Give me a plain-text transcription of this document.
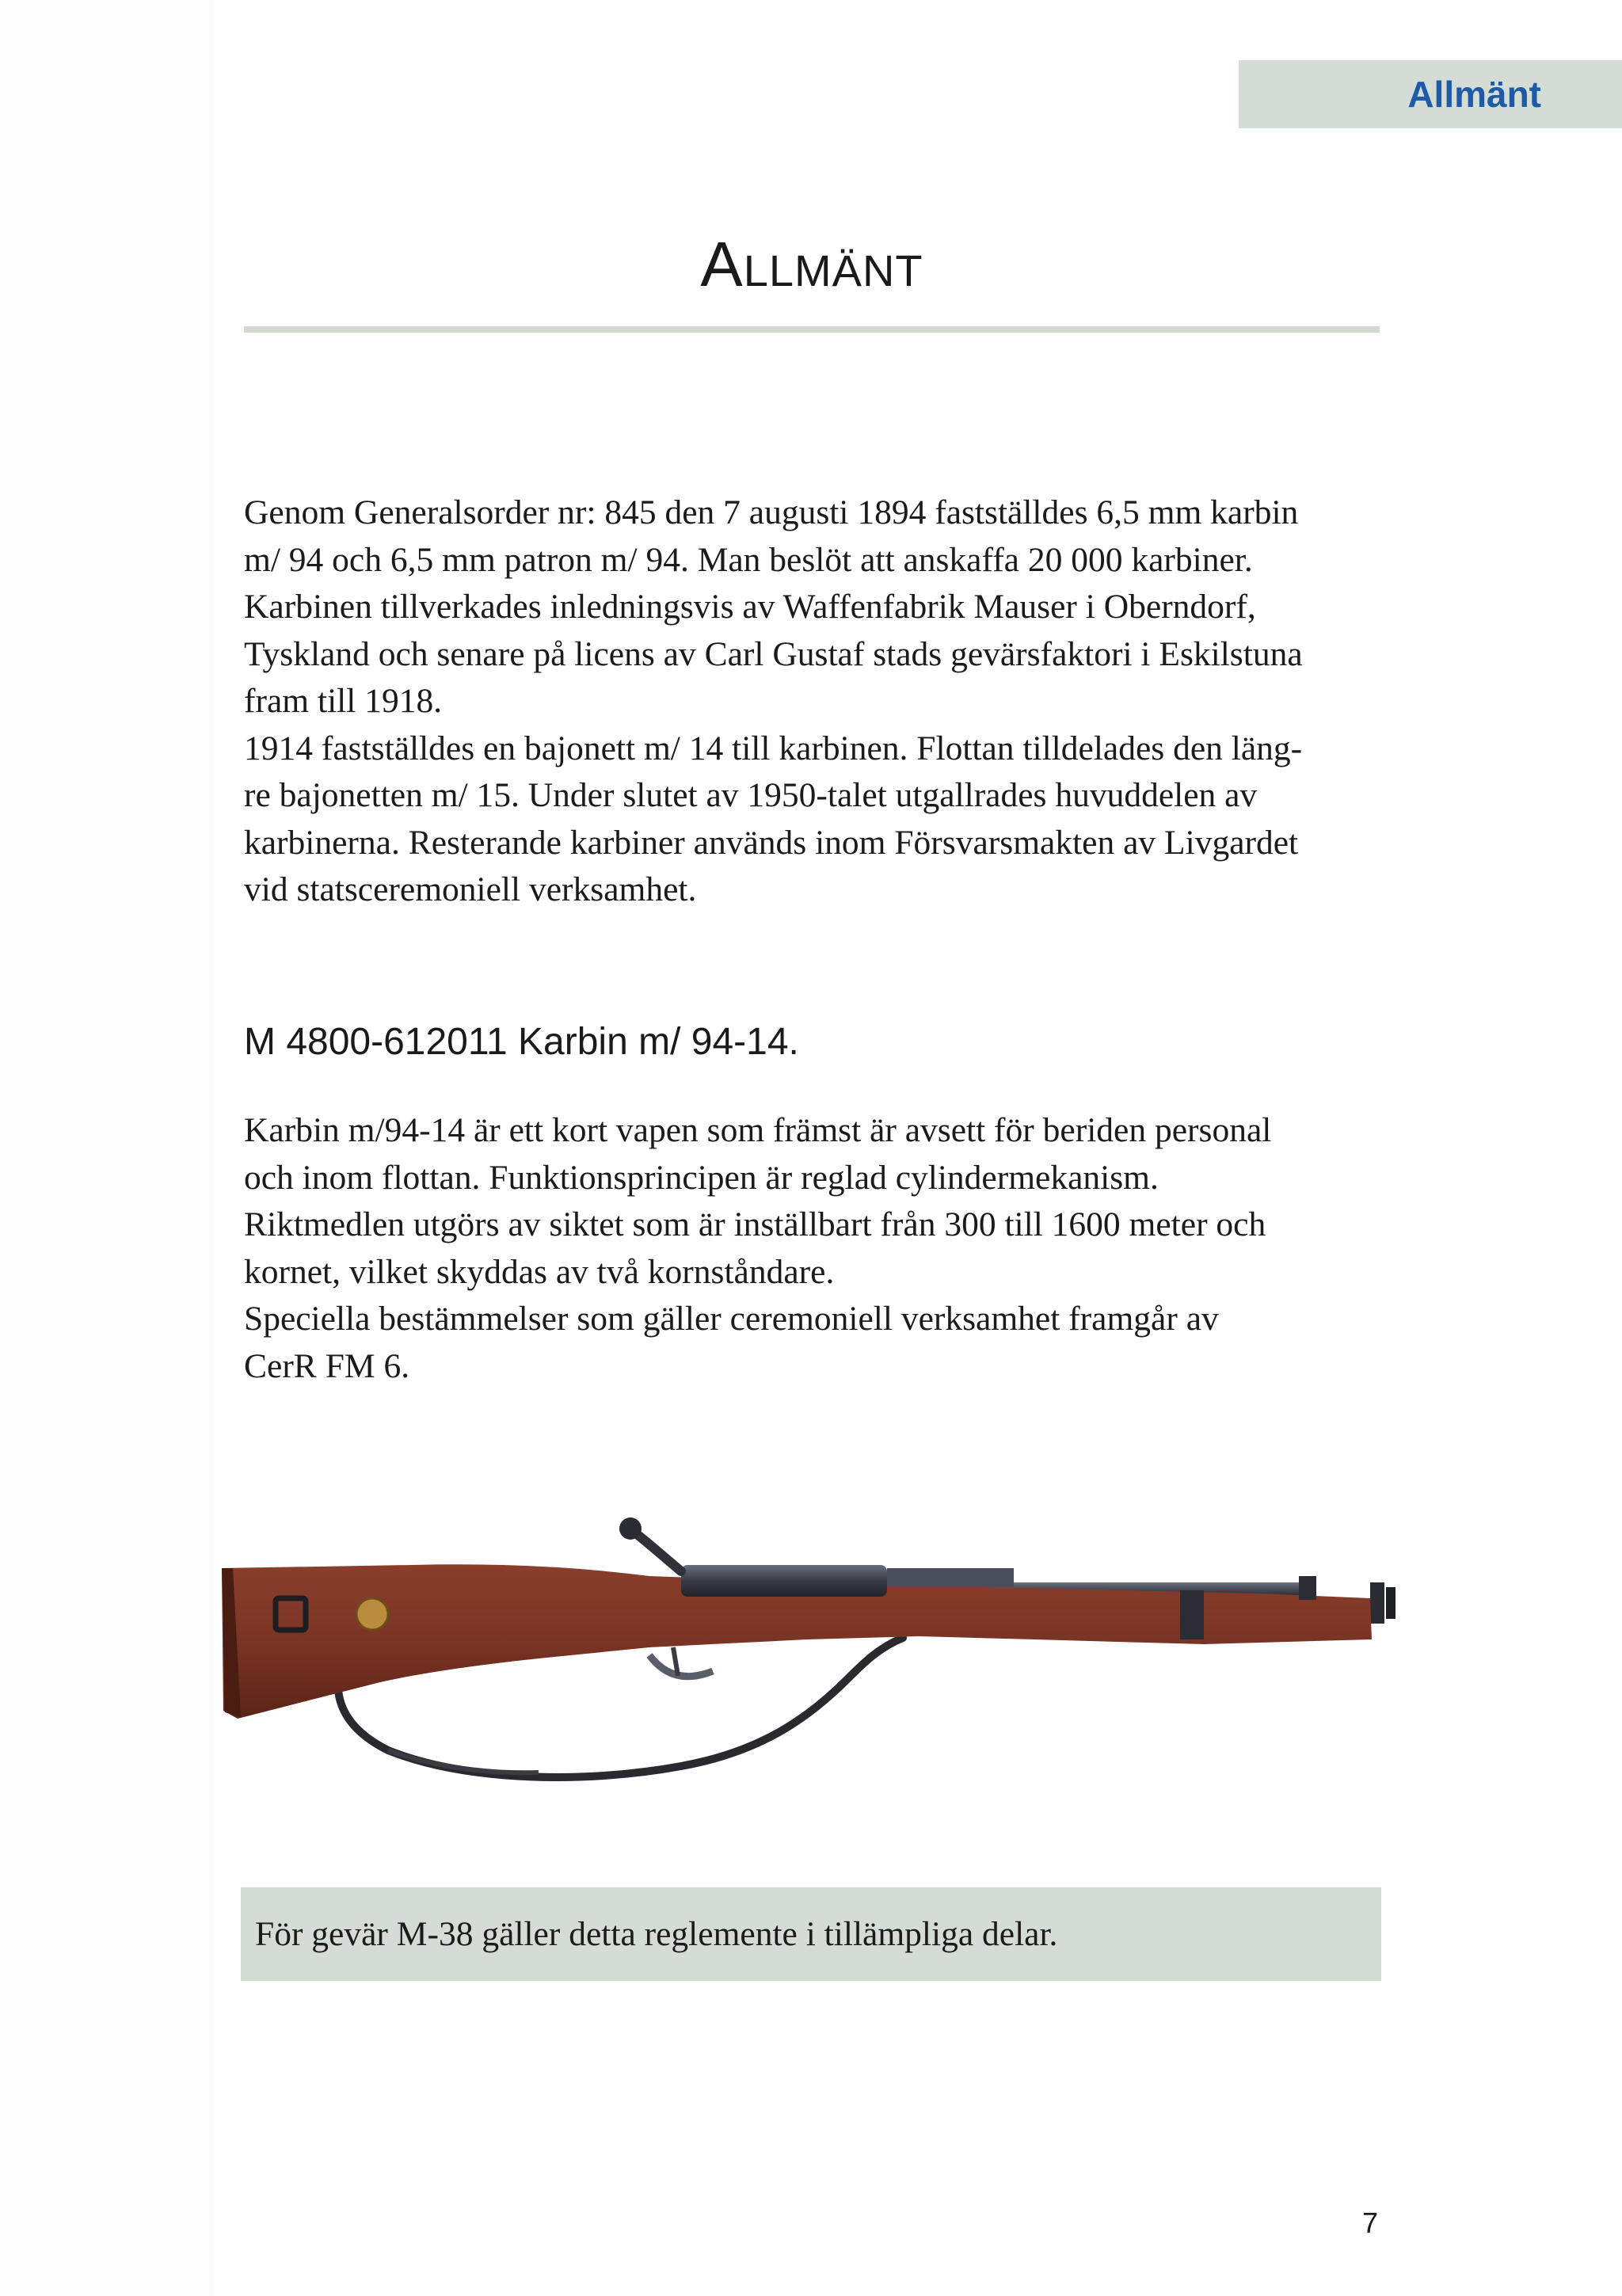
Allmänt
Allmänt

Genom Generalsorder nr: 845 den 7 augusti 1894 fastställdes 6,5 mm karbin
m/ 94 och 6,5 mm patron m/ 94. Man beslöt att anskaffa 20 000 karbiner.
Karbinen tillverkades inledningsvis av Waffenfabrik Mauser i Oberndorf,
Tyskland och senare på licens av Carl Gustaf stads gevärsfaktori i Eskilstuna
fram till 1918.
1914 fastställdes en bajonett m/ 14 till karbinen. Flottan tilldelades den läng-
re bajonetten m/ 15. Under slutet av 1950-talet utgallrades huvuddelen av
karbinerna. Resterande karbiner används inom Försvarsmakten av Livgardet
vid statsceremoniell verksamhet.

M 4800-612011 Karbin m/ 94-14.

Karbin m/94-14 är ett kort vapen som främst är avsett för beriden personal
och inom flottan. Funktionsprincipen är reglad cylindermekanism.
Riktmedlen utgörs av siktet som är inställbart från 300 till 1600 meter och
kornet, vilket skyddas av två kornståndare.
Speciella bestämmelser som gäller ceremoniell verksamhet framgår av
CerR FM 6.

För gevär M-38 gäller detta reglemente i tillämpliga delar.
7
